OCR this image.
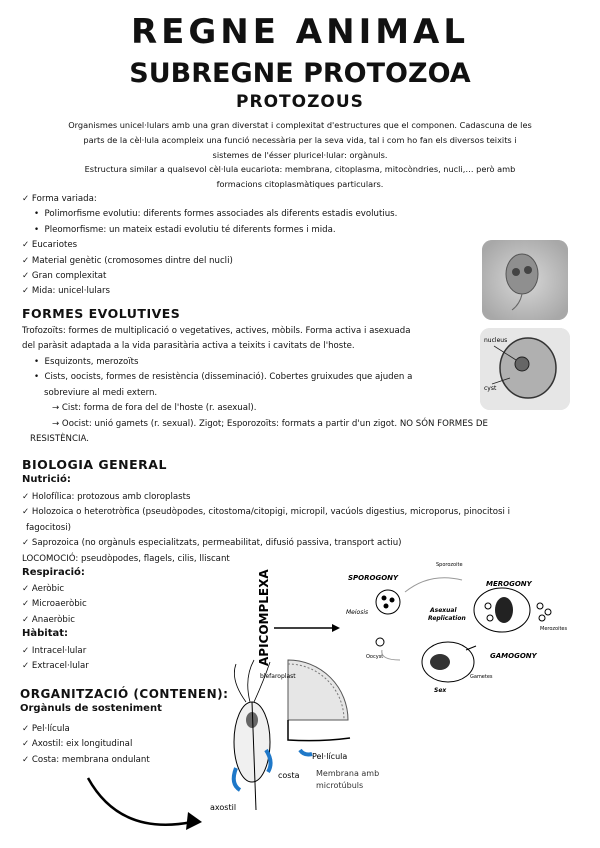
REGNE ANIMAL
SUBREGNE PROTOZOA
PROTOZOUS
Organismes unicel·lulars amb una gran diverstat i complexitat d'estructures que el componen. Cadascuna de les
parts de la cèl·lula acompleix una funció necessària per la seva vida, tal i com ho fan els diversos teixits i
sistemes de l'ésser pluricel·lular: orgànuls.
Estructura similar a qualsevol cèl·lula eucariota: membrana, citoplasma, mitocòndries, nucli,… però amb
formacions citoplasmàtiques particulars.
✓ Forma variada:
•  Polimorfisme evolutiu: diferents formes associades als diferents estadis evolutius.
•  Pleomorfisme: un mateix estadi evolutiu té diferents formes i mida.
✓ Eucariotes
✓ Material genètic (cromosomes dintre del nucli)
✓ Gran complexitat
✓ Mida: unicel·lulars
FORMES EVOLUTIVES
Trofozoïts: formes de multiplicació o vegetatives, actives, mòbils. Forma activa i asexuada
del paràsit adaptada a la vida parasitària activa a teixits i cavitats de l'hoste.
•  Esquizonts, merozoïts
•  Cists, oocists, formes de resistència (disseminació). Cobertes gruixudes que ajuden a
sobreviure al medi extern.
→ Cist: forma de fora del de l'hoste (r. asexual).
→ Oocist: unió gamets (r. sexual). Zigot; Esporozoïts: formats a partir d'un zigot. NO SÓN FORMES DE
RESISTÈNCIA.
nucleus
cyst
BIOLOGIA GENERAL
Nutrició:
✓ Holofílica: protozous amb cloroplasts
✓ Holozoica o heterotròfica (pseudòpodes, citostoma/citopigi, micropil, vacúols digestius, microporus, pinocitosi i
fagocitosi)
✓ Saprozoica (no orgànuls especialitzats, permeabilitat, difusió passiva, transport actiu)
LOCOMOCIÓ: pseudòpodes, flagels, cilis, lliscant
Respiració:
✓ Aeròbic
✓ Microaeròbic
✓ Anaeròbic
Hàbitat:
✓ Intracel·lular
✓ Extracel·lular
ORGANITZACIÓ (CONTENEN):
Orgànuls de sosteniment
✓ Pel·lícula
✓ Axostil: eix longitudinal
✓ Costa: membrana ondulant
APICOMPLEXA	SPOROGONY
Meiosis
Sporozoite
MEROGONY
Asexual
Replication
Merozoites
GAMOGONY
Sex
Gametes
Oocyst
Pel·lícula
Membrana amb
microtúbuls
blefaroplast
costa
axostil
